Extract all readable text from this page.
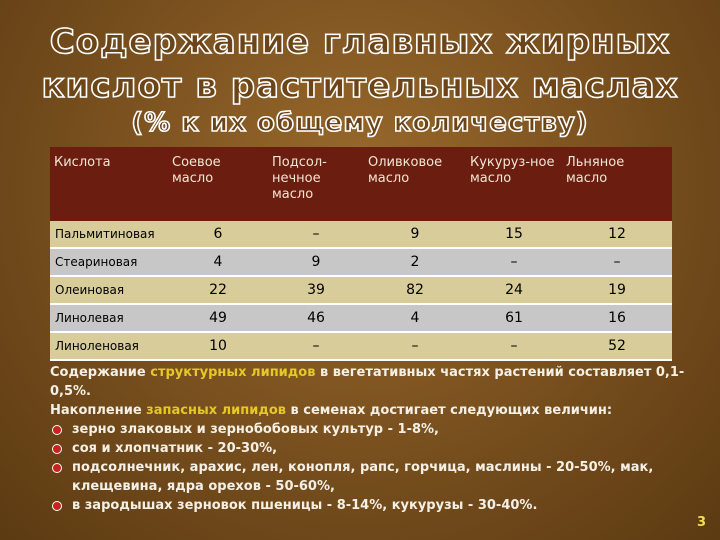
Содержание главных жирных
кислот в растительных маслах
(% к их общему количеству)
Кислота	Соевое масло	Подсол-нечное масло	Оливковое масло	Кукуруз-ное масло	Льняное масло
Пальмитиновая	6	–	9	15	12
Стеариновая	4	9	2	–	–
Олеиновая	22	39	82	24	19
Линолевая	49	46	4	61	16
Линоленовая	10	–	–	–	52

Содержание структурных липидов в вегетативных частях растений составляет 0,1-0,5%.

Накопление запасных липидов в семенах достигает следующих величин:

зерно злаковых и зернобобовых культур - 1-8%,
соя и хлопчатник - 20-30%,
подсолнечник, арахис, лен, конопля, рапс, горчица, маслины - 20-50%, мак, клещевина, ядра орехов - 50-60%,
в зародышах зерновок пшеницы - 8-14%, кукурузы - 30-40%.
3
